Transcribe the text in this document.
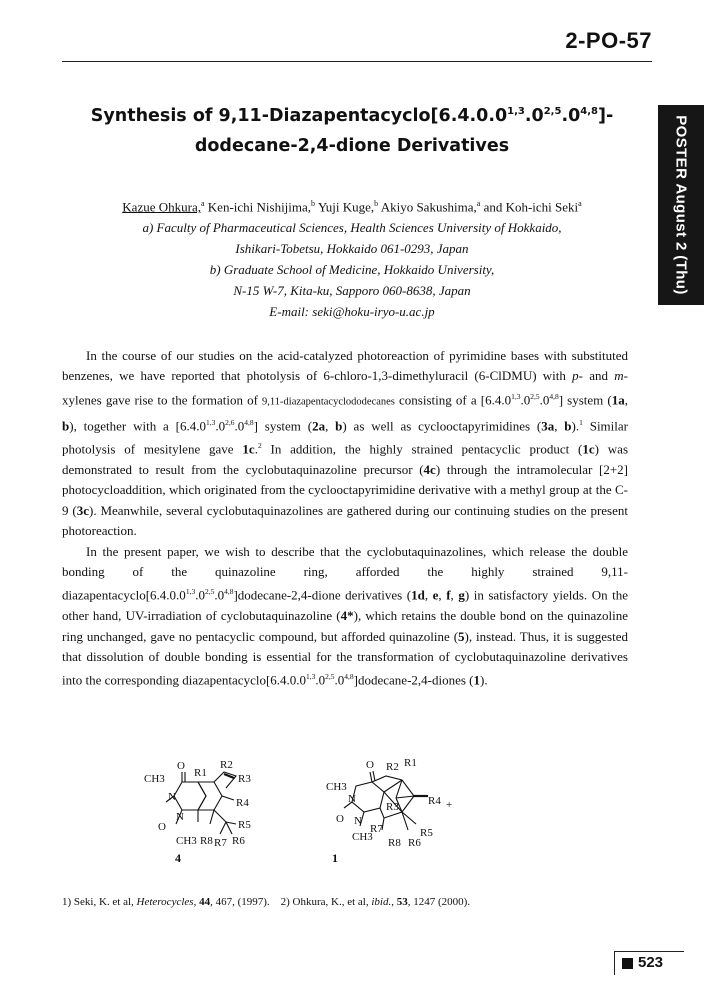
2-PO-57
POSTER August 2 (Thu)
Synthesis of 9,11-Diazapentacyclo[6.4.0.0$^{1,3}$.0$^{2,5}$.0$^{4,8}$]-
dodecane-2,4-dione Derivatives
Kazue Ohkura,$^a$ Ken-ichi Nishijima,$^b$ Yuji Kuge,$^b$ Akiyo Sakushima,$^a$ and Koh-ichi Seki$^a$
a) Faculty of Pharmaceutical Sciences, Health Sciences University of Hokkaido,
Ishikari-Tobetsu, Hokkaido 061-0293, Japan
b) Graduate School of Medicine, Hokkaido University,
N-15 W-7, Kita-ku, Sapporo 060-8638, Japan
E-mail: seki@hoku-iryo-u.ac.jp

In the course of our studies on the acid-catalyzed photoreaction of pyrimidine bases with substituted benzenes, we have reported that photolysis of 6-chloro-1,3-dimethyluracil (6-ClDMU) with p- and m-xylenes gave rise to the formation of 9,11-diazapentacyclododecanes consisting of a [6.4.0$^{1,3}$.0$^{2,5}$.0$^{4,8}$] system (1a, b), together with a [6.4.0$^{1,3}$.0$^{2,6}$.0$^{4,8}$] system (2a, b) as well as cyclooctapyrimidines (3a, b).$^1$ Similar photolysis of mesitylene gave 1c.$^2$ In addition, the highly strained pentacyclic product (1c) was demonstrated to result from the cyclobutaquinazoline precursor (4c) through the intramolecular [2+2] photocycloaddition, which originated from the cyclooctapyrimidine derivative with a methyl group at the C-9 (3c). Meanwhile, several cyclobutaquinazolines are gathered during our continuing studies on the present photoreaction.

In the present paper, we wish to describe that the cyclobutaquinazolines, which release the double bonding of the quinazoline ring, afforded the highly strained 9,11-diazapentacyclo[6.4.0.0$^{1,3}$.0$^{2,5}$.0$^{4,8}$]dodecane-2,4-dione derivatives (1d, e, f, g) in satisfactory yields. On the other hand, UV-irradiation of cyclobutaquinazoline (4*), which retains the double bond on the quinazoline ring unchanged, gave no pentacyclic compound, but afforded quinazoline (5), instead. Thus, it is suggested that dissolution of double bonding is essential for the transformation of cyclobutaquinazoline derivatives into the corresponding diazapentacyclo[6.4.0.0$^{1,3}$.0$^{2,5}$.0$^{4,8}$]dodecane-2,4-diones (1).

CH3
O
R1
R2
R3
R4
R5
R6
R7
R8
N
N
O
CH3
4
CH3
O	R1
R2
R3	R4
R5
R6
R7
R8
N
N
O
CH3
+
1
1) Seki, K. et al, Heterocycles, 44, 467, (1997). 2) Ohkura, K., et al, ibid., 53, 1247 (2000).
523
